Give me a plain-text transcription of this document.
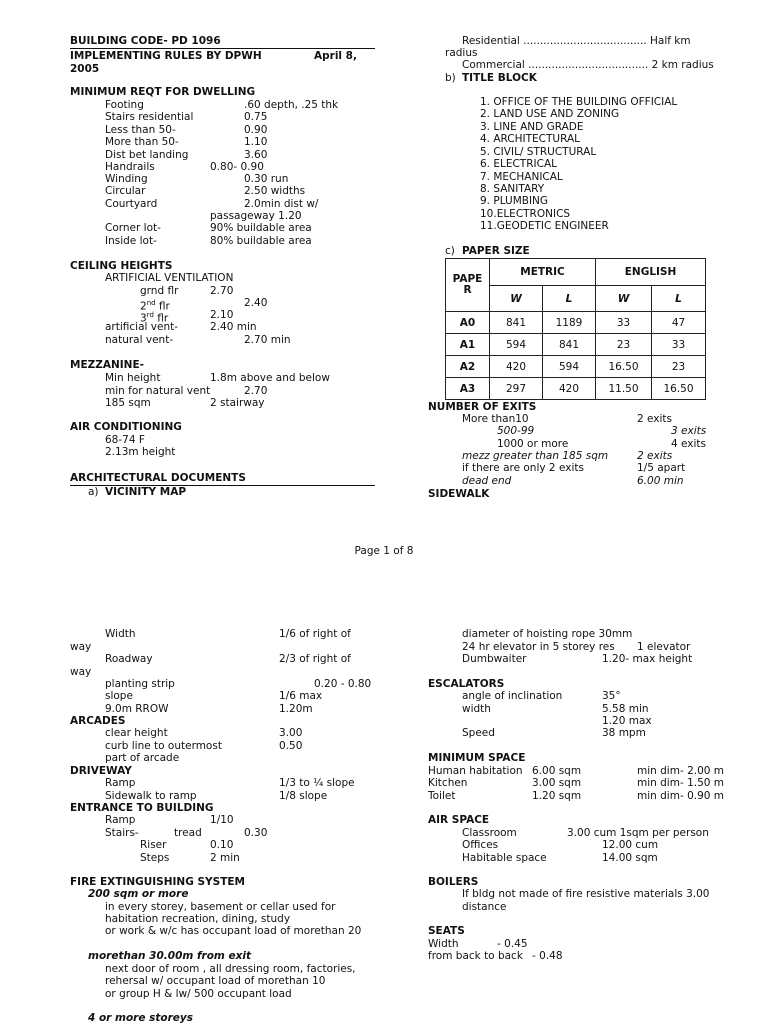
BUILDING CODE- PD 1096
IMPLEMENTING RULES BY DPWH	April 8,
2005
MINIMUM REQT FOR DWELLING
Footing	.60 depth, .25 thk
Stairs residential	0.75
Less than 50-	0.90
More than 50-	1.10
Dist bet landing	3.60
Handrails	0.80- 0.90
Winding	0.30 run
Circular	2.50 widths
Courtyard	2.0min dist w/
passageway 1.20
Corner lot-	90% buildable area
Inside lot-	80% buildable area
CEILING HEIGHTS
ARTIFICIAL VENTILATION
grnd flr	2.70
2nd flr	2.40
3rd flr	2.10
artificial vent-	2.40 min
natural vent-	2.70 min
MEZZANINE-
Min height	1.8m above and below
min for natural vent	2.70
185 sqm	2 stairway
AIR CONDITIONING
68-74 F
2.13m height
ARCHITECTURAL DOCUMENTS
a) VICINITY MAP
Residential ..................................... Half km
radius
Commercial .................................... 2 km radius
b) TITLE BLOCK
1. OFFICE OF THE BUILDING OFFICIAL
2. LAND USE AND ZONING
3. LINE AND GRADE
4. ARCHITECTURAL
5. CIVIL/ STRUCTURAL
6. ELECTRICAL
7. MECHANICAL
8. SANITARY
9. PLUMBING
10.ELECTRONICS
11.GEODETIC ENGINEER
c) PAPER SIZE
PAPE
R	METRIC		ENGLISH	
	W	L	W	L
A0	841	1189	33	47
A1	594	841	23	33
A2	420	594	16.50	23
A3	297	420	11.50	16.50
NUMBER OF EXITS
More than10	2 exits
500-99	3 exits
1000 or more	4 exits
mezz greater than 185 sqm	2 exits
if there are only 2 exits	1/5 apart
dead end	6.00 min
SIDEWALK
Page 1 of 8
Width	1/6 of right of
way
Roadway	2/3 of right of
way
planting strip	0.20 - 0.80
slope	1/6 max
9.0m RROW	1.20m
ARCADES
clear height	3.00
curb line to outermost	0.50
part of arcade
DRIVEWAY
Ramp	1/3 to ¼ slope
Sidewalk to ramp	1/8 slope
ENTRANCE TO BUILDING
Ramp	1/10
Stairs-	tread	0.30
Riser	0.10
Steps	2 min
FIRE EXTINGUISHING SYSTEM
200 sqm or more
in every storey, basement or cellar used for
habitation recreation, dining, study
or work & w/c has occupant load of morethan 20
morethan 30.00m from exit
next door of room , all dressing room, factories,
rehersal w/ occupant load of morethan 10
or group H & lw/ 500 occupant load
4 or more storeys
diameter of hoisting rope 30mm
24 hr elevator in 5 storey res 1 elevator
Dumbwaiter	1.20- max height
ESCALATORS
angle of inclination	35°
width	5.58 min
1.20 max
Speed	38 mpm
MINIMUM SPACE
Human habitation 6.00 sqm	min dim- 2.00 m
Kitchen	3.00 sqm	min dim- 1.50 m
Toilet	1.20 sqm	min dim- 0.90 m
AIR SPACE
Classroom	3.00 cum 1sqm per person
Offices	12.00 cum
Habitable space	14.00 sqm
BOILERS
If bldg not made of fire resistive materials 3.00
distance
SEATS
Width	- 0.45
from back to back - 0.48
